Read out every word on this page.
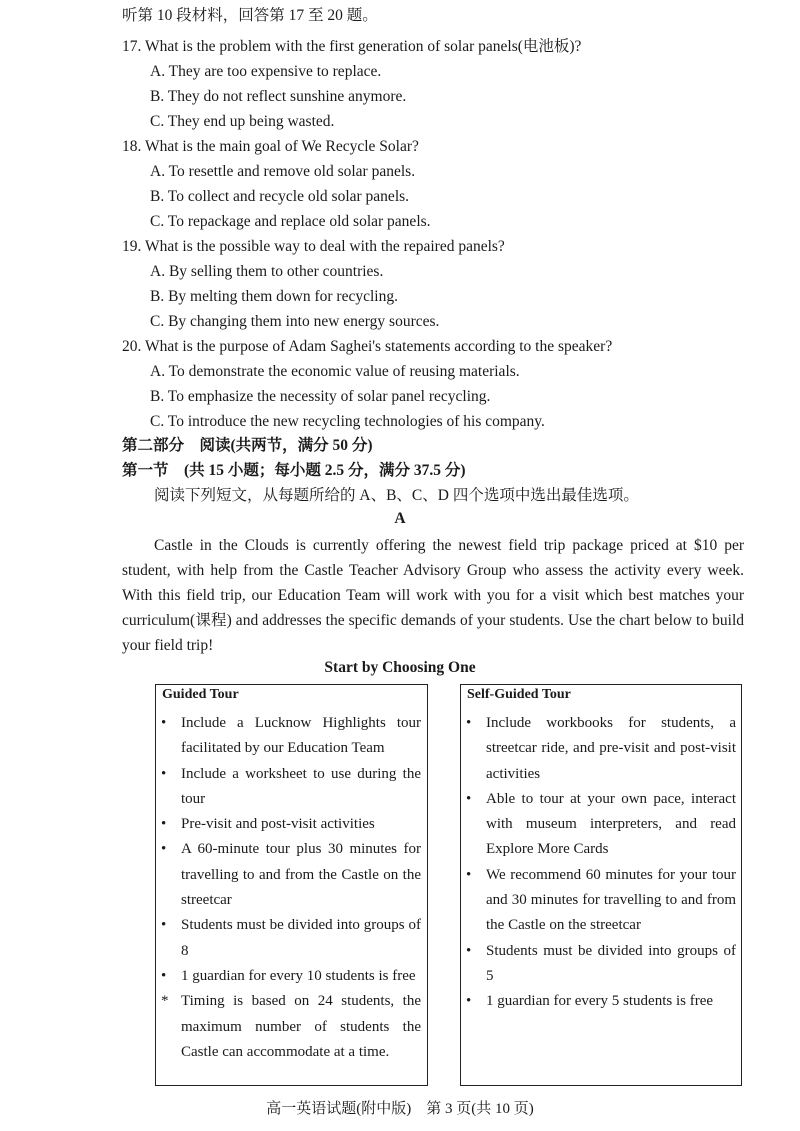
听第 10 段材料，回答第 17 至 20 题。
17. What is the problem with the first generation of solar panels(电池板)?
A. They are too expensive to replace.
B. They do not reflect sunshine anymore.
C. They end up being wasted.
18. What is the main goal of We Recycle Solar?
A. To resettle and remove old solar panels.
B. To collect and recycle old solar panels.
C. To repackage and replace old solar panels.
19. What is the possible way to deal with the repaired panels?
A. By selling them to other countries.
B. By melting them down for recycling.
C. By changing them into new energy sources.
20. What is the purpose of Adam Saghei's statements according to the speaker?
A. To demonstrate the economic value of reusing materials.
B. To emphasize the necessity of solar panel recycling.
C. To introduce the new recycling technologies of his company.
第二部分　阅读(共两节，满分 50 分)
第一节　(共 15 小题；每小题 2.5 分，满分 37.5 分)
阅读下列短文，从每题所给的 A、B、C、D 四个选项中选出最佳选项。
A
Castle in the Clouds is currently offering the newest field trip package priced at $10 per student, with help from the Castle Teacher Advisory Group who assess the activity every week. With this field trip, our Education Team will work with you for a visit which best matches your curriculum(课程) and addresses the specific demands of your students. Use the chart below to build your field trip!
Start by Choosing One
Guided Tour
• Include a Lucknow Highlights tour facilitated by our Education Team
• Include a worksheet to use during the tour
• Pre-visit and post-visit activities
• A 60-minute tour plus 30 minutes for travelling to and from the Castle on the streetcar
• Students must be divided into groups of 8
• 1 guardian for every 10 students is free
* Timing is based on 24 students, the maximum number of students the Castle can accommodate at a time.
Self-Guided Tour
• Include workbooks for students, a streetcar ride, and pre-visit and post-visit activities
• Able to tour at your own pace, interact with museum interpreters, and read Explore More Cards
• We recommend 60 minutes for your tour and 30 minutes for travelling to and from the Castle on the streetcar
• Students must be divided into groups of 5
• 1 guardian for every 5 students is free
高一英语试题(附中版)　第 3 页(共 10 页)
